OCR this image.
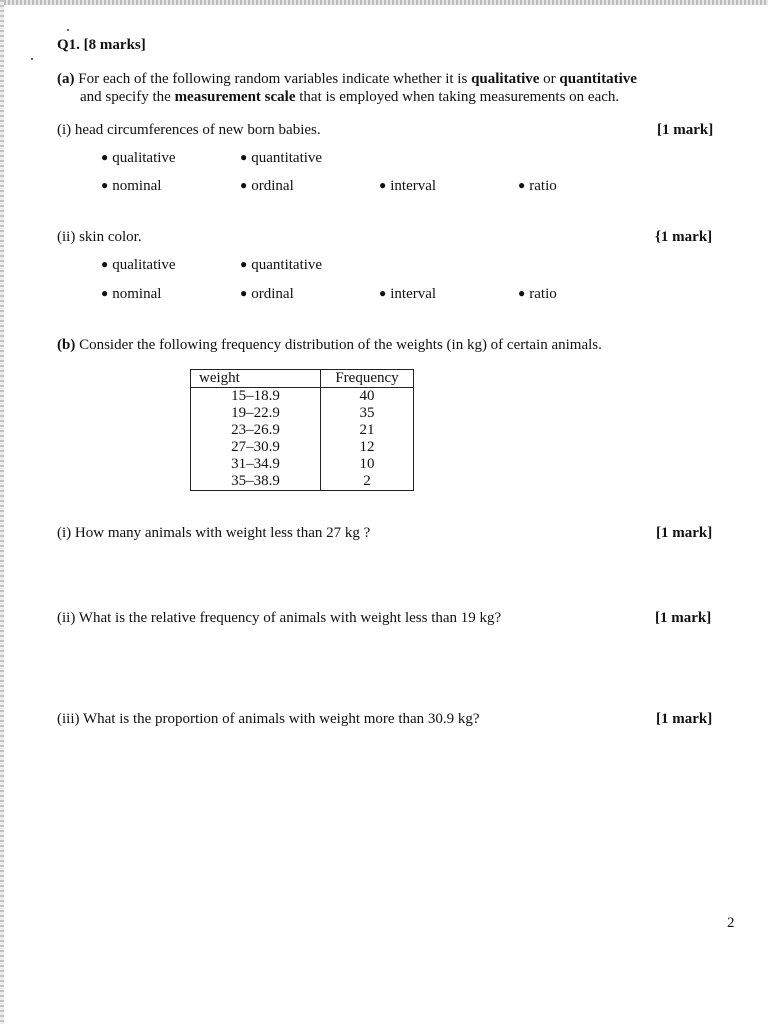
Q1. [8 marks]
(a) For each of the following random variables indicate whether it is qualitative or quantitative
and specify the measurement scale that is employed when taking measurements on each.
(i) head circumferences of new born babies.	[1 mark]
● qualitative	● quantitative
● nominal	● ordinal	● interval	● ratio
(ii) skin color.	{1 mark]
● qualitative	● quantitative
● nominal	● ordinal	● interval	● ratio
(b) Consider the following frequency distribution of the weights (in kg) of certain animals.
weight	Frequency
15–18.9	40
19–22.9	35
23–26.9	21
27–30.9	12
31–34.9	10
35–38.9	2
(i) How many animals with weight less than 27 kg ?	[1 mark]
(ii) What is the relative frequency of animals with weight less than 19 kg?	[1 mark]
(iii) What is the proportion of animals with weight more than 30.9 kg?	[1 mark]
2
